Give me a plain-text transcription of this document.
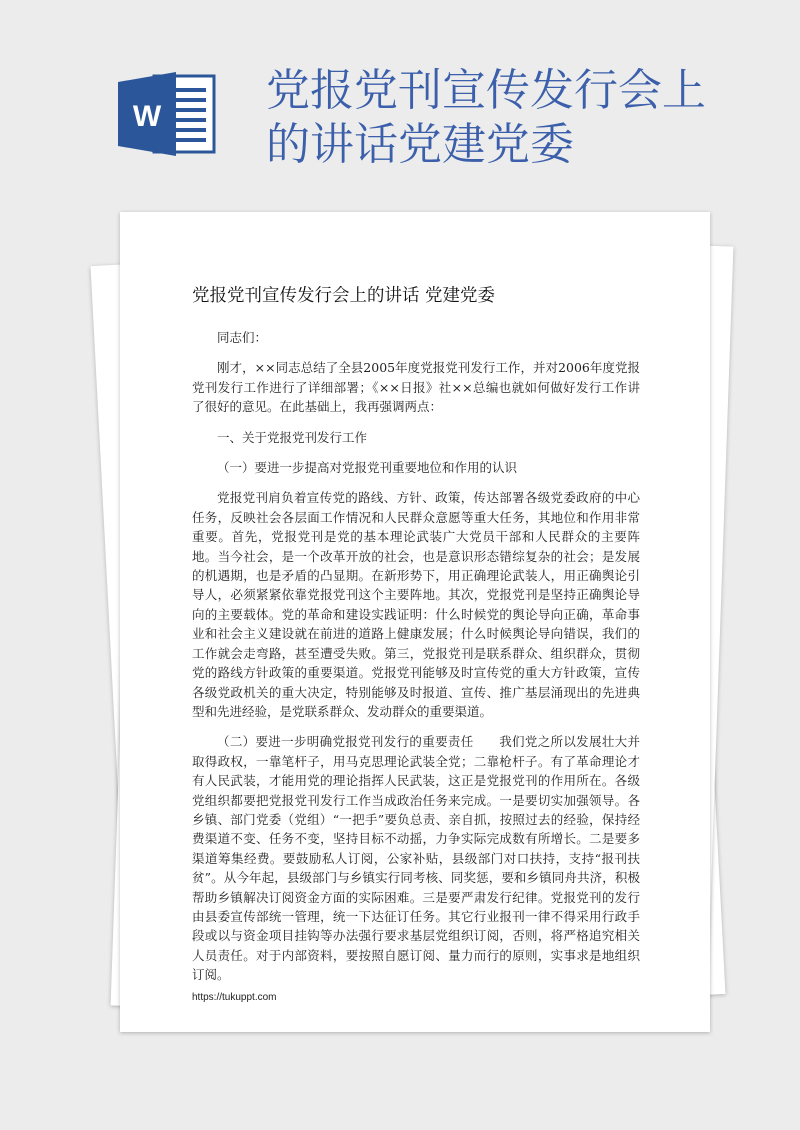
W
党报党刊宣传发行会上的讲话党建党委
党报党刊宣传发行会上的讲话 党建党委

同志们：

刚才，××同志总结了全县2005年度党报党刊发行工作，并对2006年度党报党刊发行工作进行了详细部署；《××日报》社××总编也就如何做好发行工作讲了很好的意见。在此基础上，我再强调两点：

一、关于党报党刊发行工作

（一）要进一步提高对党报党刊重要地位和作用的认识

党报党刊肩负着宣传党的路线、方针、政策，传达部署各级党委政府的中心任务，反映社会各层面工作情况和人民群众意愿等重大任务，其地位和作用非常重要。首先，党报党刊是党的基本理论武装广大党员干部和人民群众的主要阵地。当今社会，是一个改革开放的社会，也是意识形态错综复杂的社会；是发展的机遇期，也是矛盾的凸显期。在新形势下，用正确理论武装人，用正确舆论引导人，必须紧紧依靠党报党刊这个主要阵地。其次，党报党刊是坚持正确舆论导向的主要载体。党的革命和建设实践证明：什么时候党的舆论导向正确，革命事业和社会主义建设就在前进的道路上健康发展；什么时候舆论导向错误，我们的工作就会走弯路，甚至遭受失败。第三，党报党刊是联系群众、组织群众，贯彻党的路线方针政策的重要渠道。党报党刊能够及时宣传党的重大方针政策，宣传各级党政机关的重大决定，特别能够及时报道、宣传、推广基层涌现出的先进典型和先进经验，是党联系群众、发动群众的重要渠道。

（二）要进一步明确党报党刊发行的重要责任　　我们党之所以发展壮大并取得政权，一靠笔杆子，用马克思理论武装全党；二靠枪杆子。有了革命理论才有人民武装，才能用党的理论指挥人民武装，这正是党报党刊的作用所在。各级党组织都要把党报党刊发行工作当成政治任务来完成。一是要切实加强领导。各乡镇、部门党委（党组）“一把手”要负总责、亲自抓，按照过去的经验，保持经费渠道不变、任务不变，坚持目标不动摇，力争实际完成数有所增长。二是要多渠道筹集经费。要鼓励私人订阅，公家补贴，县级部门对口扶持，支持“报刊扶贫”。从今年起，县级部门与乡镇实行同考核、同奖惩，要和乡镇同舟共济，积极帮助乡镇解决订阅资金方面的实际困难。三是要严肃发行纪律。党报党刊的发行由县委宣传部统一管理，统一下达征订任务。其它行业报刊一律不得采用行政手段或以与资金项目挂钩等办法强行要求基层党组织订阅，否则，将严格追究相关人员责任。对于内部资料，要按照自愿订阅、量力而行的原则，实事求是地组织订阅。

https://tukuppt.com
